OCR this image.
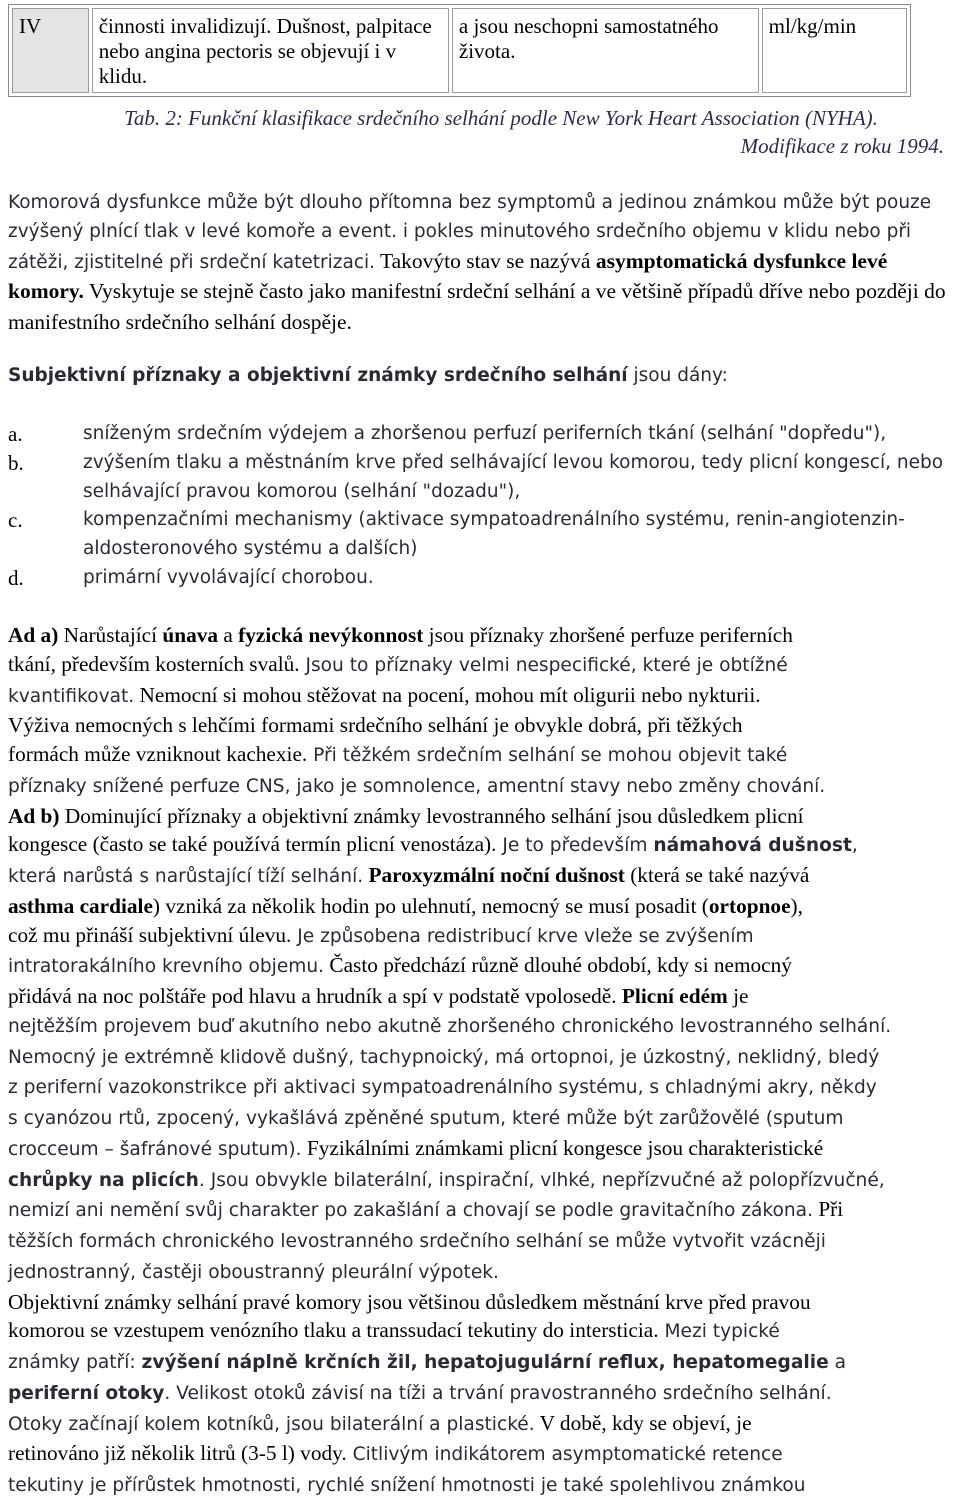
IV	činnosti invalidizují. Dušnost, palpitace nebo angina pectoris se objevují i v klidu.	a jsou neschopni samostatného života.	ml/kg/min
Tab. 2: Funkční klasifikace srdečního selhání podle New York Heart Association (NYHA).
Modifikace z roku 1994.
Komorová dysfunkce může být dlouho přítomna bez symptomů a jedinou známkou může být pouze zvýšený plnící tlak v levé komoře a event. i pokles minutového srdečního objemu v klidu nebo při zátěži, zjistitelné při srdeční katetrizaci. Takovýto stav se nazývá asymptomatická dysfunkce levé komory. Vyskytuje se stejně často jako manifestní srdeční selhání a ve většině případů dříve nebo později do manifestního srdečního selhání dospěje.
Subjektivní příznaky a objektivní známky srdečního selhání jsou dány:
a.	sníženým srdečním výdejem a zhoršenou perfuzí periferních tkání (selhání "dopředu"),
b.	zvýšením tlaku a městnáním krve před selhávající levou komorou, tedy plicní kongescí, nebo selhávající pravou komorou (selhání "dozadu"),
c.	kompenzačními mechanismy (aktivace sympatoadrenálního systému, renin-angiotenzin-aldosteronového systému a dalších)
d.	primární vyvolávající chorobou.
Ad a) Narůstající únava a fyzická nevýkonnost jsou příznaky zhoršené perfuze periferních
tkání, především kosterních svalů. Jsou to příznaky velmi nespecifické, které je obtížné
kvantifikovat. Nemocní si mohou stěžovat na pocení, mohou mít oligurii nebo nykturii.
Výživa nemocných s lehčími formami srdečního selhání je obvykle dobrá, při těžkých
formách může vzniknout kachexie. Při těžkém srdečním selhání se mohou objevit také
příznaky snížené perfuze CNS, jako je somnolence, amentní stavy nebo změny chování.
Ad b) Dominující příznaky a objektivní známky levostranného selhání jsou důsledkem plicní
kongesce (často se také používá termín plicní venostáza). Je to především námahová dušnost,
která narůstá s narůstající tíží selhání. Paroxyzmální noční dušnost (která se také nazývá
asthma cardiale) vzniká za několik hodin po ulehnutí, nemocný se musí posadit (ortopnoe),
což mu přináší subjektivní úlevu. Je způsobena redistribucí krve vleže se zvýšením
intratorakálního krevního objemu. Často předchází různě dlouhé období, kdy si nemocný
přidává na noc polštáře pod hlavu a hrudník a spí v podstatě vpolosedě. Plicní edém je
nejtěžším projevem buď akutního nebo akutně zhoršeného chronického levostranného selhání.
Nemocný je extrémně klidově dušný, tachypnoický, má ortopnoi, je úzkostný, neklidný, bledý
z periferní vazokonstrikce při aktivaci sympatoadrenálního systému, s chladnými akry, někdy
s cyanózou rtů, zpocený, vykašlává zpěněné sputum, které může být zarůžovělé (sputum
crocceum – šafránové sputum). Fyzikálními známkami plicní kongesce jsou charakteristické
chrůpky na plicích. Jsou obvykle bilaterální, inspirační, vlhké, nepřízvučné až polopřízvučné,
nemizí ani nemění svůj charakter po zakašlání a chovají se podle gravitačního zákona. Při
těžších formách chronického levostranného srdečního selhání se může vytvořit vzácněji
jednostranný, častěji oboustranný pleurální výpotek.
Objektivní známky selhání pravé komory jsou většinou důsledkem městnání krve před pravou
komorou se vzestupem venózního tlaku a transsudací tekutiny do intersticia. Mezi typické
známky patří: zvýšení náplně krčních žil, hepatojugulární reflux, hepatomegalie a
periferní otoky. Velikost otoků závisí na tíži a trvání pravostranného srdečního selhání.
Otoky začínají kolem kotníků, jsou bilaterální a plastické. V době, kdy se objeví, je
retinováno již několik litrů (3-5 l) vody. Citlivým indikátorem asymptomatické retence
tekutiny je přírůstek hmotnosti, rychlé snížení hmotnosti je také spolehlivou známkou
